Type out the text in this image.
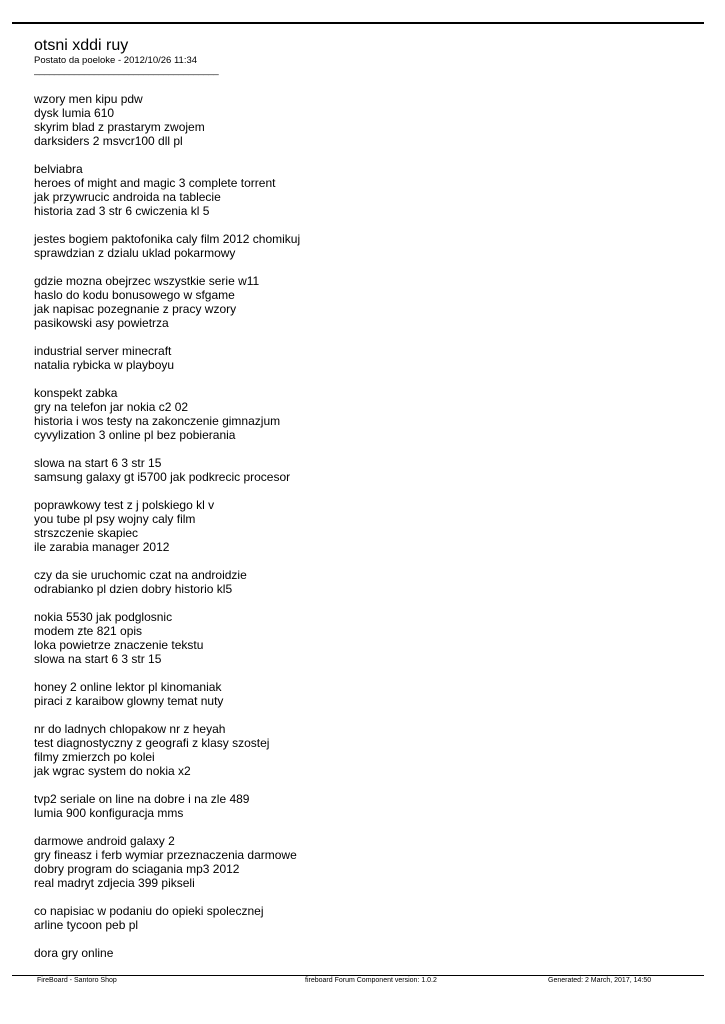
otsni xddi ruy
Postato da poeloke - 2012/10/26 11:34
_____________________________________
wzory men kipu pdw
dysk lumia 610
skyrim blad z prastarym zwojem
darksiders 2 msvcr100 dll pl
belviabra
heroes of might and magic 3 complete torrent
jak przywrucic androida na tablecie
historia zad 3 str 6 cwiczenia kl 5
jestes bogiem paktofonika caly film 2012 chomikuj
sprawdzian z dzialu uklad pokarmowy
gdzie mozna obejrzec wszystkie serie w11
haslo do kodu bonusowego w sfgame
jak napisac pozegnanie z pracy wzory
pasikowski asy powietrza
industrial server minecraft
natalia rybicka w playboyu
konspekt zabka
gry na telefon jar nokia c2 02
historia i wos testy na zakonczenie gimnazjum
cyvylization 3 online pl bez pobierania
slowa na start 6 3 str 15
samsung galaxy gt i5700 jak podkrecic procesor
poprawkowy test z j polskiego kl v
you tube pl psy wojny caly film
strszczenie skapiec
ile zarabia manager 2012
czy da sie uruchomic czat na androidzie
odrabianko pl dzien dobry historio kl5
nokia 5530 jak podglosnic
modem zte 821 opis
loka powietrze znaczenie tekstu
slowa na start 6 3 str 15
honey 2 online lektor pl kinomaniak
piraci z karaibow glowny temat nuty
nr do ladnych chlopakow nr z heyah
test diagnostyczny z geografi z klasy szostej
filmy zmierzch po kolei
jak wgrac system do nokia x2
tvp2 seriale on line na dobre i na zle 489
lumia 900 konfiguracja mms
darmowe android galaxy 2
gry fineasz i ferb wymiar przeznaczenia darmowe
dobry program do sciagania mp3 2012
real madryt zdjecia 399 pikseli
co napisiac w podaniu do opieki spolecznej
arline tycoon peb pl
dora gry online
FireBoard - Santoro Shop	fireboard Forum Component version: 1.0.2	Generated: 2 March, 2017, 14:50
